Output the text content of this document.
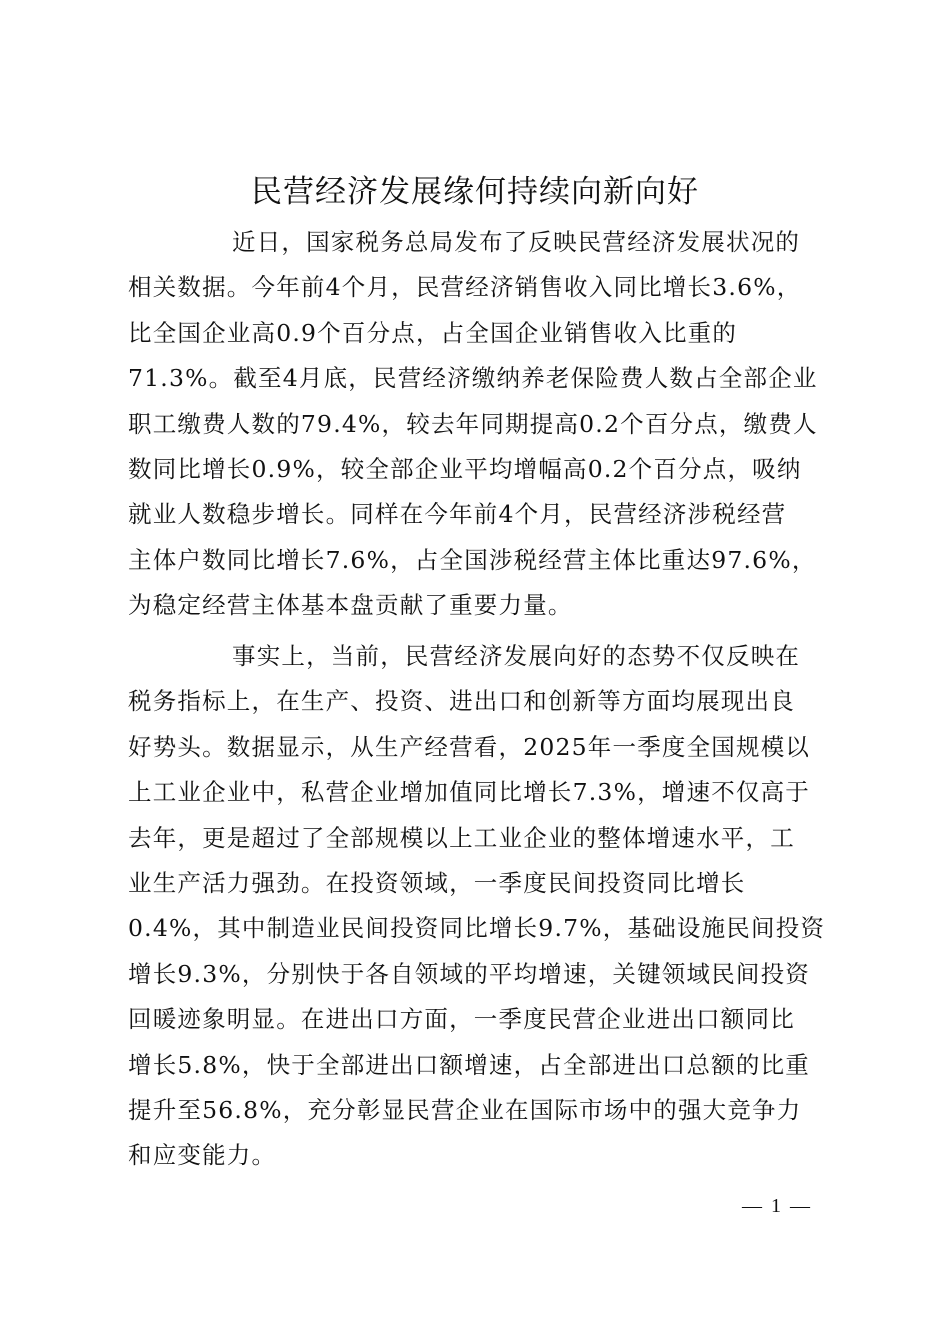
民营经济发展缘何持续向新向好
近日，国家税务总局发布了反映民营经济发展状况的
相关数据。今年前4个月，民营经济销售收入同比增长3.6%，
比全国企业高0.9个百分点，占全国企业销售收入比重的
71.3%。截至4月底，民营经济缴纳养老保险费人数占全部企业
职工缴费人数的79.4%，较去年同期提高0.2个百分点，缴费人
数同比增长0.9%，较全部企业平均增幅高0.2个百分点，吸纳
就业人数稳步增长。同样在今年前4个月，民营经济涉税经营
主体户数同比增长7.6%，占全国涉税经营主体比重达97.6%，
为稳定经营主体基本盘贡献了重要力量。
事实上，当前，民营经济发展向好的态势不仅反映在
税务指标上，在生产、投资、进出口和创新等方面均展现出良
好势头。数据显示，从生产经营看，2025年一季度全国规模以
上工业企业中，私营企业增加值同比增长7.3%，增速不仅高于
去年，更是超过了全部规模以上工业企业的整体增速水平，工
业生产活力强劲。在投资领域，一季度民间投资同比增长
0.4%，其中制造业民间投资同比增长9.7%，基础设施民间投资
增长9.3%，分别快于各自领域的平均增速，关键领域民间投资
回暖迹象明显。在进出口方面，一季度民营企业进出口额同比
增长5.8%，快于全部进出口额增速，占全部进出口总额的比重
提升至56.8%，充分彰显民营企业在国际市场中的强大竞争力
和应变能力。
— 1 —
